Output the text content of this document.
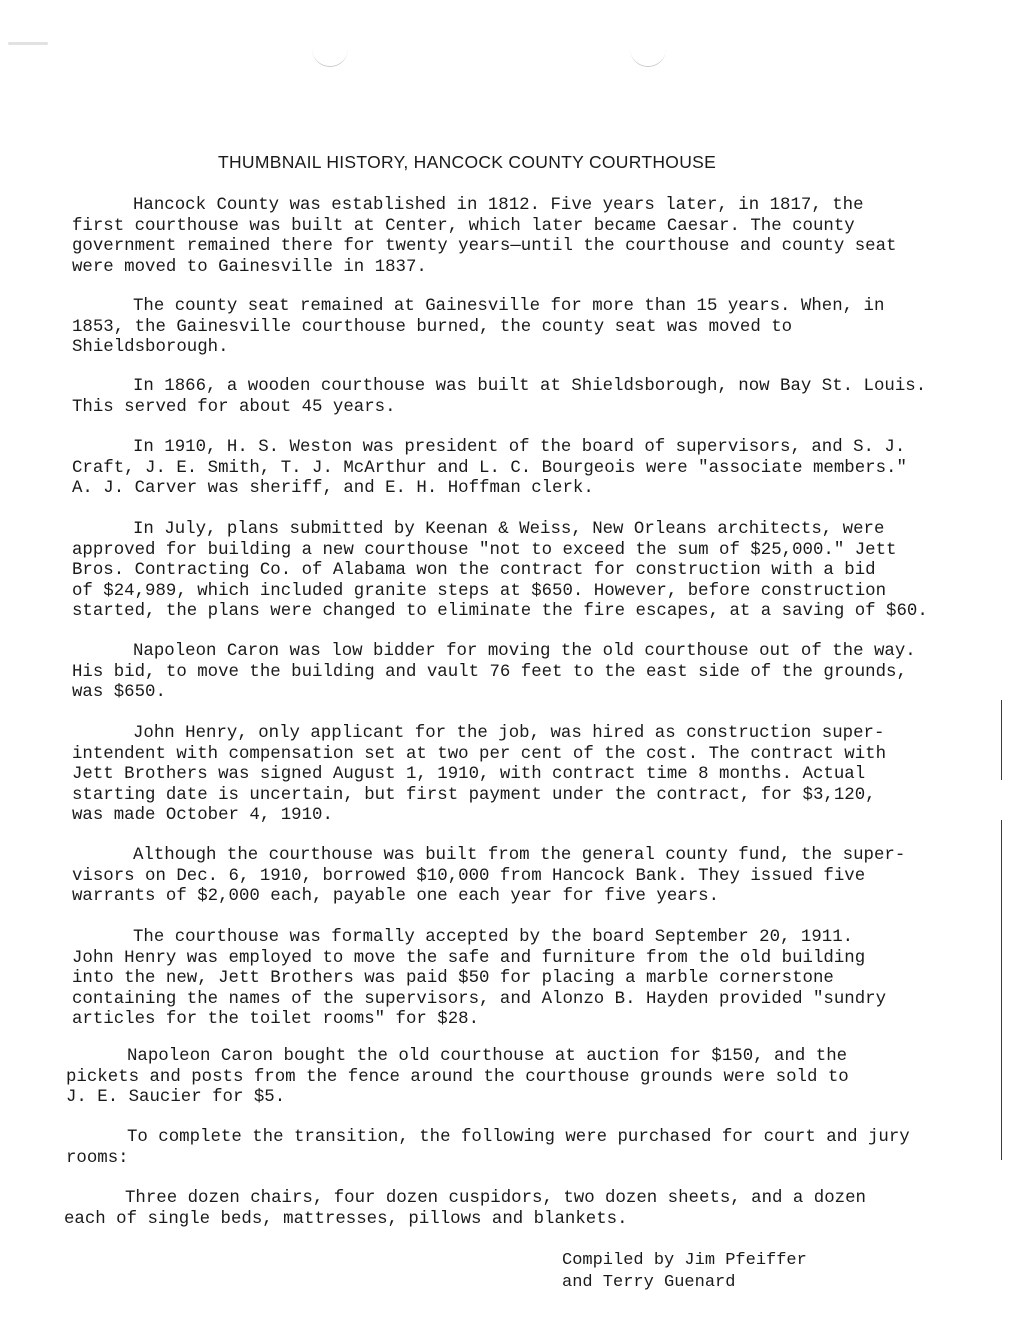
THUMBNAIL HISTORY, HANCOCK COUNTY COURTHOUSE
Hancock County was established in 1812. Five years later, in 1817, the
first courthouse was built at Center, which later became Caesar. The county
government remained there for twenty years—until the courthouse and county seat
were moved to Gainesville in 1837.
The county seat remained at Gainesville for more than 15 years. When, in
1853, the Gainesville courthouse burned, the county seat was moved to
Shieldsborough.
In 1866, a wooden courthouse was built at Shieldsborough, now Bay St. Louis.
This served for about 45 years.
In 1910, H. S. Weston was president of the board of supervisors, and S. J.
Craft, J. E. Smith, T. J. McArthur and L. C. Bourgeois were "associate members."
A. J. Carver was sheriff, and E. H. Hoffman clerk.
In July, plans submitted by Keenan & Weiss, New Orleans architects, were
approved for building a new courthouse "not to exceed the sum of $25,000." Jett
Bros. Contracting Co. of Alabama won the contract for construction with a bid
of $24,989, which included granite steps at $650. However, before construction
started, the plans were changed to eliminate the fire escapes, at a saving of $60.
Napoleon Caron was low bidder for moving the old courthouse out of the way.
His bid, to move the building and vault 76 feet to the east side of the grounds,
was $650.
John Henry, only applicant for the job, was hired as construction super-
intendent with compensation set at two per cent of the cost. The contract with
Jett Brothers was signed August 1, 1910, with contract time 8 months. Actual
starting date is uncertain, but first payment under the contract, for $3,120,
was made October 4, 1910.
Although the courthouse was built from the general county fund, the super-
visors on Dec. 6, 1910, borrowed $10,000 from Hancock Bank. They issued five
warrants of $2,000 each, payable one each year for five years.
The courthouse was formally accepted by the board September 20, 1911.
John Henry was employed to move the safe and furniture from the old building
into the new, Jett Brothers was paid $50 for placing a marble cornerstone
containing the names of the supervisors, and Alonzo B. Hayden provided "sundry
articles for the toilet rooms" for $28.
Napoleon Caron bought the old courthouse at auction for $150, and the
pickets and posts from the fence around the courthouse grounds were sold to
J. E. Saucier for $5.
To complete the transition, the following were purchased for court and jury
rooms:
Three dozen chairs, four dozen cuspidors, two dozen sheets, and a dozen
each of single beds, mattresses, pillows and blankets.
Compiled by Jim Pfeiffer
and Terry Guenard
